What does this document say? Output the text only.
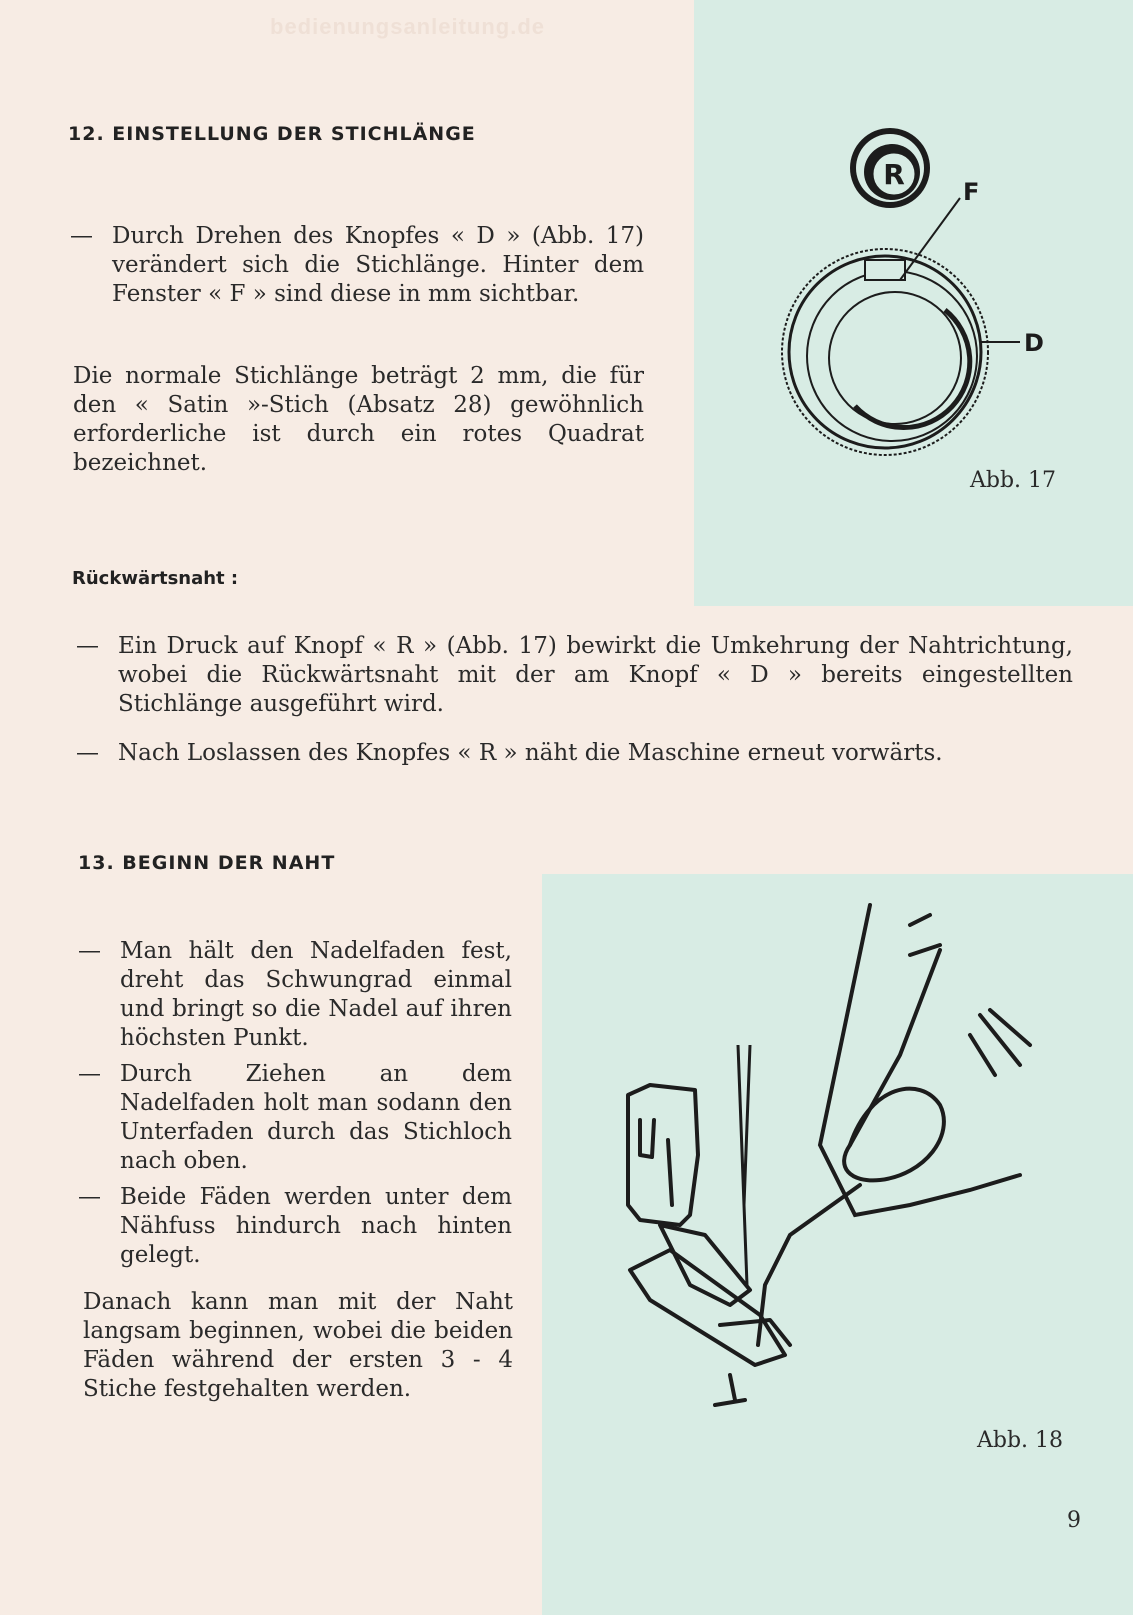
bedienungsanleitung.de
12. EINSTELLUNG DER STICHLÄNGE
— Durch Drehen des Knopfes « D » (Abb. 17) verändert sich die Stichlänge. Hinter dem Fenster « F » sind diese in mm sichtbar.

Die normale Stichlänge beträgt 2 mm, die für den « Satin »-Stich (Absatz 28) gewöhnlich erforderliche ist durch ein rotes Quadrat bezeichnet.

R
F
D
Abb. 17
Rückwärtsnaht :
— Ein Druck auf Knopf « R » (Abb. 17) bewirkt die Umkehrung der Nahtrichtung, wobei die Rückwärtsnaht mit der am Knopf « D » bereits eingestellten Stichlänge ausgeführt wird.
— Nach Loslassen des Knopfes « R » näht die Maschine erneut vorwärts.
13. BEGINN DER NAHT
— Man hält den Nadelfaden fest, dreht das Schwungrad einmal und bringt so die Nadel auf ihren höchsten Punkt.
— Durch Ziehen an dem Nadelfaden holt man sodann den Unterfaden durch das Stichloch nach oben.
— Beide Fäden werden unter dem Nähfuss hindurch nach hinten gelegt.

Danach kann man mit der Naht langsam beginnen, wobei die beiden Fäden während der ersten 3 - 4 Stiche festgehalten werden.

Abb. 18
9
